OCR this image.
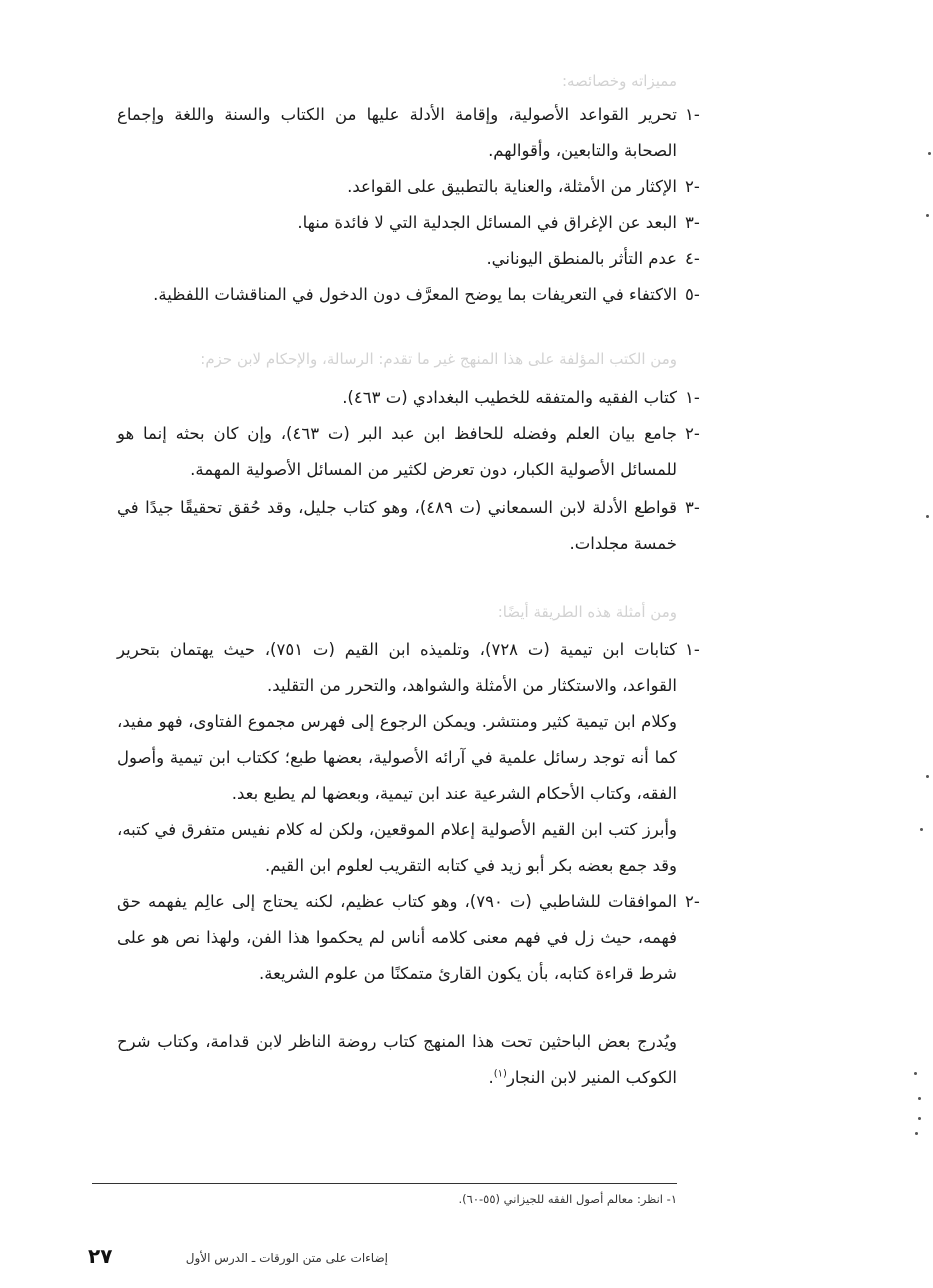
مميزاته وخصائصه:
١-
تحرير القواعد الأصولية، وإقامة الأدلة عليها من الكتاب والسنة واللغة وإجماع الصحابة والتابعين، وأقوالهم.
٢-
الإكثار من الأمثلة، والعناية بالتطبيق على القواعد.
٣-
البعد عن الإغراق في المسائل الجدلية التي لا فائدة منها.
٤-
عدم التأثر بالمنطق اليوناني.
٥-
الاكتفاء في التعريفات بما يوضح المعرَّف دون الدخول في المناقشات اللفظية.
ومن الكتب المؤلفة على هذا المنهج غير ما تقدم: الرسالة، والإحكام لابن حزم:
١-
كتاب الفقيه والمتفقه للخطيب البغدادي (ت ٤٦٣).
٢-
جامع بيان العلم وفضله للحافظ ابن عبد البر (ت ٤٦٣)، وإن كان بحثه إنما هو للمسائل الأصولية الكبار، دون تعرض لكثير من المسائل الأصولية المهمة.
٣-
قواطع الأدلة لابن السمعاني (ت ٤٨٩)، وهو كتاب جليل، وقد حُقق تحقيقًا جيدًا في خمسة مجلدات.
ومن أمثلة هذه الطريقة أيضًا:
١-
كتابات ابن تيمية (ت ٧٢٨)، وتلميذه ابن القيم (ت ٧٥١)، حيث يهتمان بتحرير القواعد، والاستكثار من الأمثلة والشواهد، والتحرر من التقليد.
وكلام ابن تيمية كثير ومنتشر. ويمكن الرجوع إلى فهرس مجموع الفتاوى، فهو مفيد، كما أنه توجد رسائل علمية في آرائه الأصولية، بعضها طبع؛ ككتاب ابن تيمية وأصول الفقه، وكتاب الأحكام الشرعية عند ابن تيمية، وبعضها لم يطبع بعد.
وأبرز كتب ابن القيم الأصولية إعلام الموقعين، ولكن له كلام نفيس متفرق في كتبه، وقد جمع بعضه بكر أبو زيد في كتابه التقريب لعلوم ابن القيم.
٢-
الموافقات للشاطبي (ت ٧٩٠)، وهو كتاب عظيم، لكنه يحتاج إلى عالِم يفهمه حق فهمه، حيث زل في فهم معنى كلامه أناس لم يحكموا هذا الفن، ولهذا نص هو على شرط قراءة كتابه، بأن يكون القارئ متمكنًا من علوم الشريعة.
ويُدرج بعض الباحثين تحت هذا المنهج كتاب روضة الناظر لابن قدامة، وكتاب شرح الكوكب المنير لابن النجار$^{(١)}$.
١- انظر: معالم أصول الفقه للجيزاني (٥٥-٦٠).
إضاءات على متن الورقات ـ الدرس الأول
٢٧
